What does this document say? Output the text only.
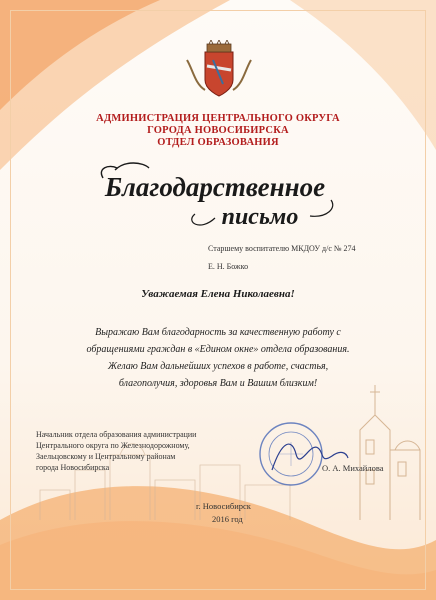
АДМИНИСТРАЦИЯ ЦЕНТРАЛЬНОГО ОКРУГА
ГОРОДА НОВОСИБИРСКА
ОТДЕЛ ОБРАЗОВАНИЯ
Благодарственное
письмо
Старшему воспитателю МКДОУ д/с № 274
Е. Н. Божко
Уважаемая Елена Николаевна!
Выражаю Вам благодарность за качественную работу с
обращениями граждан в «Едином окне» отдела образования.
Желаю Вам дальнейших успехов в работе, счастья,
благополучия, здоровья Вам и Вашим близким!
Начальник отдела образования администрации
Центрального округа по Железнодорожному,
Заельцовскому и Центральному районам
города Новосибирска	О. А. Михайлова
г. Новосибирск
2016 год
